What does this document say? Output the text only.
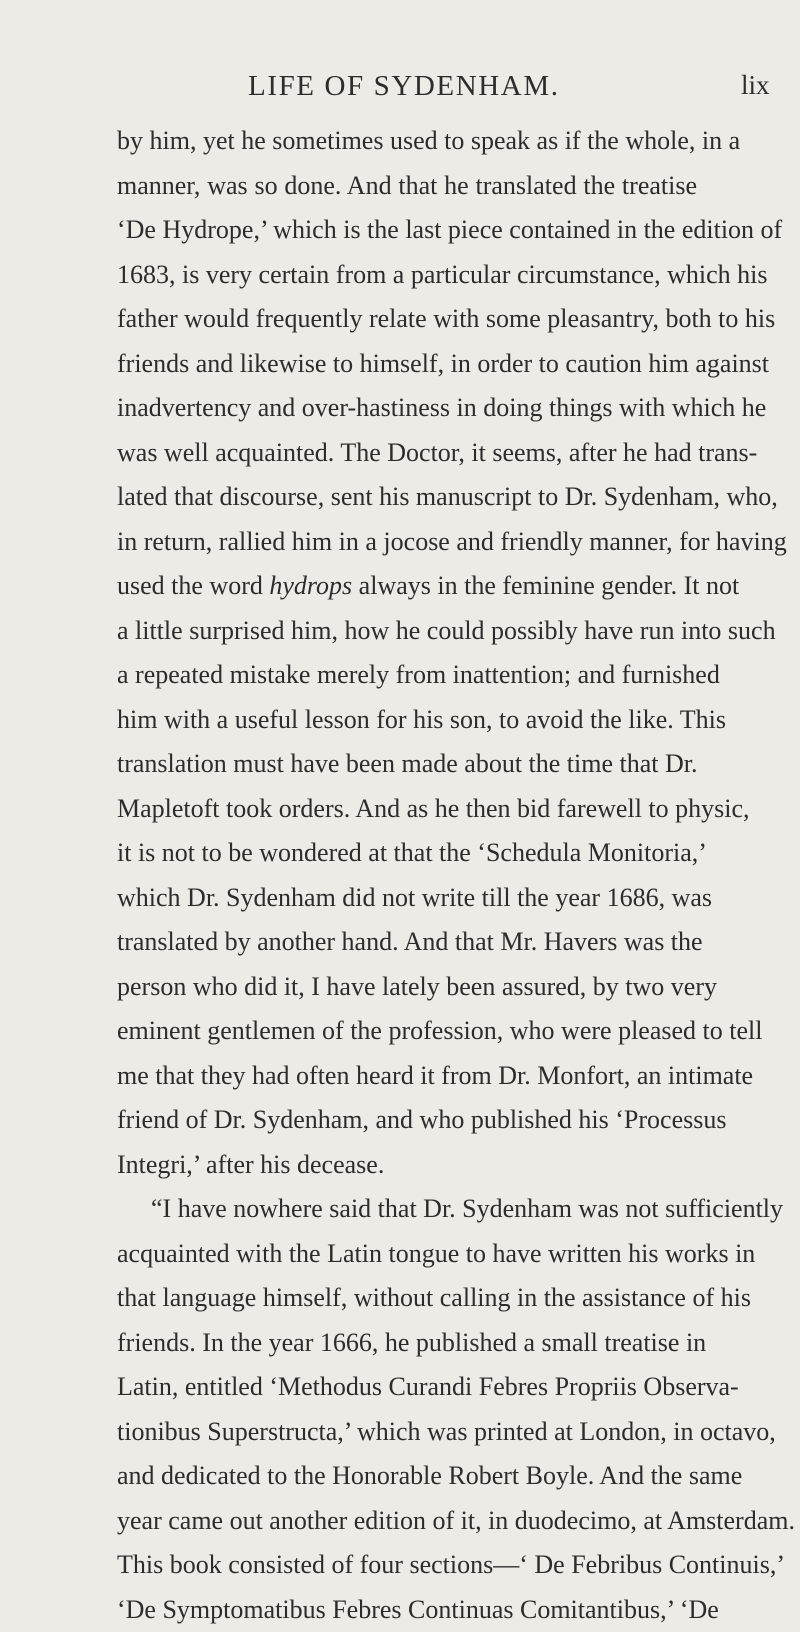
LIFE OF SYDENHAM.	lix
by him, yet he sometimes used to speak as if the whole, in a
manner, was so done. And that he translated the treatise
‘De Hydrope,’ which is the last piece contained in the edition of
1683, is very certain from a particular circumstance, which his
father would frequently relate with some pleasantry, both to his
friends and likewise to himself, in order to caution him against
inadvertency and over-hastiness in doing things with which he
was well acquainted. The Doctor, it seems, after he had trans-
lated that discourse, sent his manuscript to Dr. Sydenham, who,
in return, rallied him in a jocose and friendly manner, for having
used the word hydrops always in the feminine gender. It not
a little surprised him, how he could possibly have run into such
a repeated mistake merely from inattention; and furnished
him with a useful lesson for his son, to avoid the like. This
translation must have been made about the time that Dr.
Mapletoft took orders. And as he then bid farewell to physic,
it is not to be wondered at that the ‘Schedula Monitoria,’
which Dr. Sydenham did not write till the year 1686, was
translated by another hand. And that Mr. Havers was the
person who did it, I have lately been assured, by two very
eminent gentlemen of the profession, who were pleased to tell
me that they had often heard it from Dr. Monfort, an intimate
friend of Dr. Sydenham, and who published his ‘Processus
Integri,’ after his decease.
“I have nowhere said that Dr. Sydenham was not sufficiently
acquainted with the Latin tongue to have written his works in
that language himself, without calling in the assistance of his
friends. In the year 1666, he published a small treatise in
Latin, entitled ‘Methodus Curandi Febres Propriis Observa-
tionibus Superstructa,’ which was printed at London, in octavo,
and dedicated to the Honorable Robert Boyle. And the same
year came out another edition of it, in duodecimo, at Amsterdam.
This book consisted of four sections—‘ De Febribus Continuis,’
‘De Symptomatibus Febres Continuas Comitantibus,’ ‘De
